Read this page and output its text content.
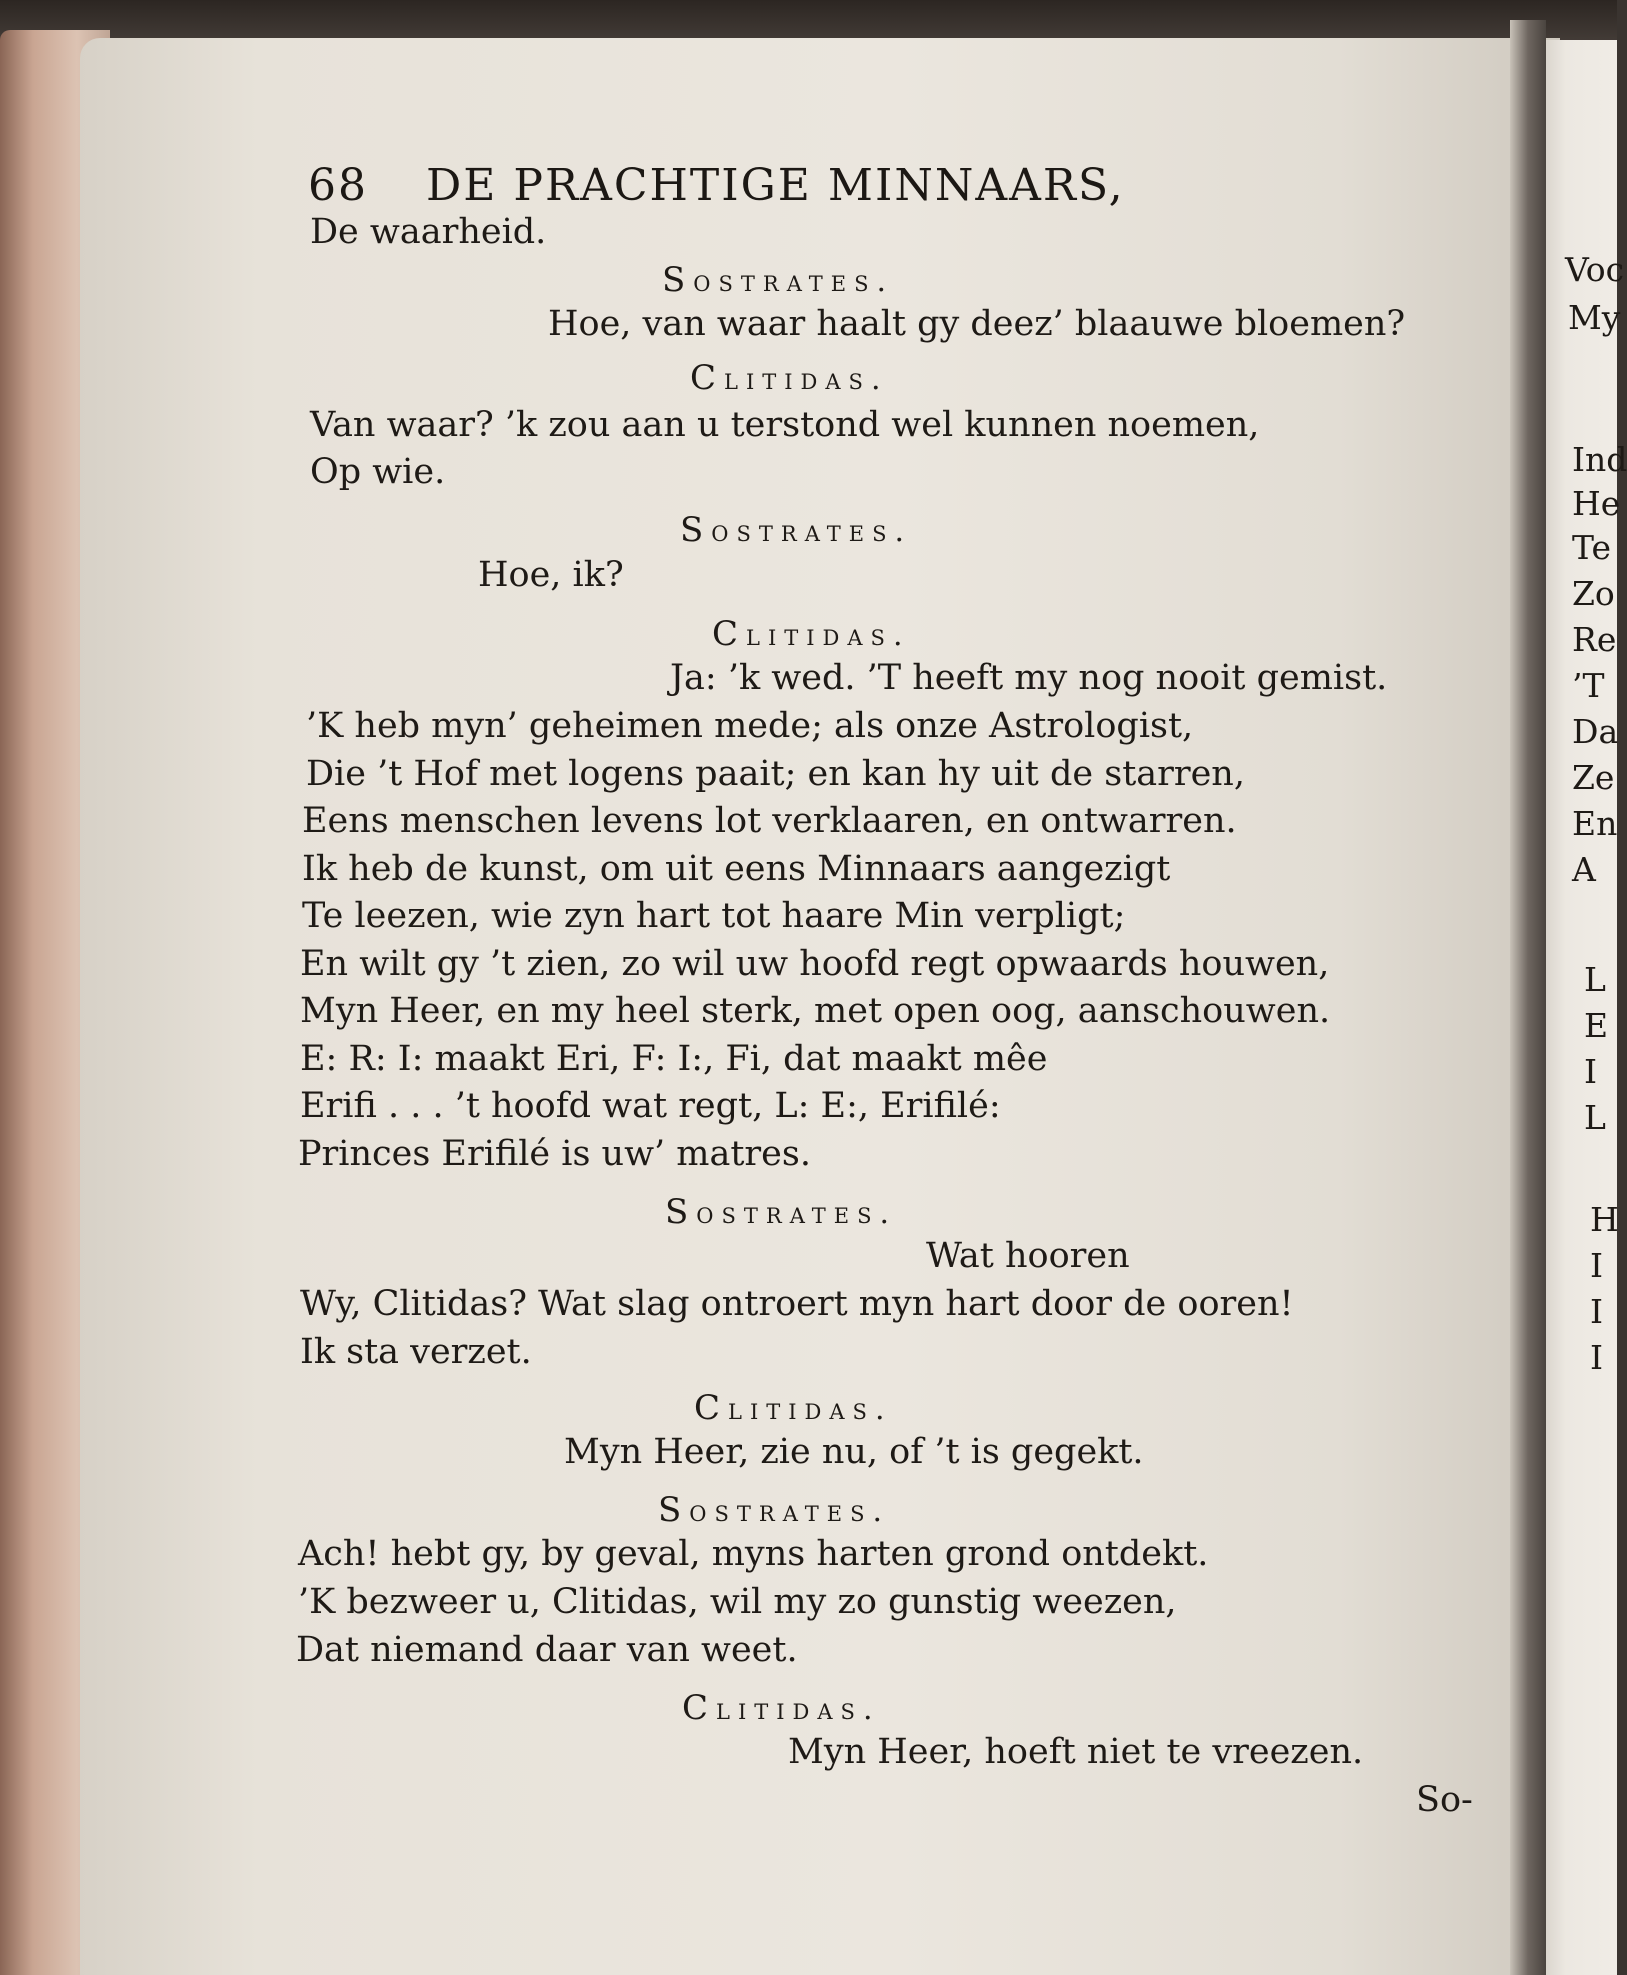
68 DE PRACHTIGE MINNAARS,
De waarheid.
Sostrates.
Hoe, van waar haalt gy deez’ blaauwe bloemen?
Clitidas.
Van waar? ’k zou aan u terstond wel kunnen noemen,
Op wie.
Sostrates.
Hoe, ik?
Clitidas.
Ja: ’k wed. ’T heeft my nog nooit gemist.
’K heb myn’ geheimen mede; als onze Astrologist,
Die ’t Hof met logens paait; en kan hy uit de starren,
Eens menschen levens lot verklaaren, en ontwarren.
Ik heb de kunst, om uit eens Minnaars aangezigt
Te leezen, wie zyn hart tot haare Min verpligt;
En wilt gy ’t zien, zo wil uw hoofd regt opwaards houwen,
Myn Heer, en my heel sterk, met open oog, aanschouwen.
E: R: I: maakt Eri, F: I:, Fi, dat maakt mêe
Erifi . . . ’t hoofd wat regt, L: E:, Erifilé:
Princes Erifilé is uw’ matres.
Sostrates.
Wat hooren
Wy, Clitidas? Wat slag ontroert myn hart door de ooren!
Ik sta verzet.
Clitidas.
Myn Heer, zie nu, of ’t is gegekt.
Sostrates.
Ach! hebt gy, by geval, myns harten grond ontdekt.
’K bezweer u, Clitidas, wil my zo gunstig weezen,
Dat niemand daar van weet.
Clitidas.
Myn Heer, hoeft niet te vreezen.
So-
Voc
My
Ind
He
Te
Zo
Re
’T
Da
Ze
En
A
L
E
I
L
H
I
I
I
